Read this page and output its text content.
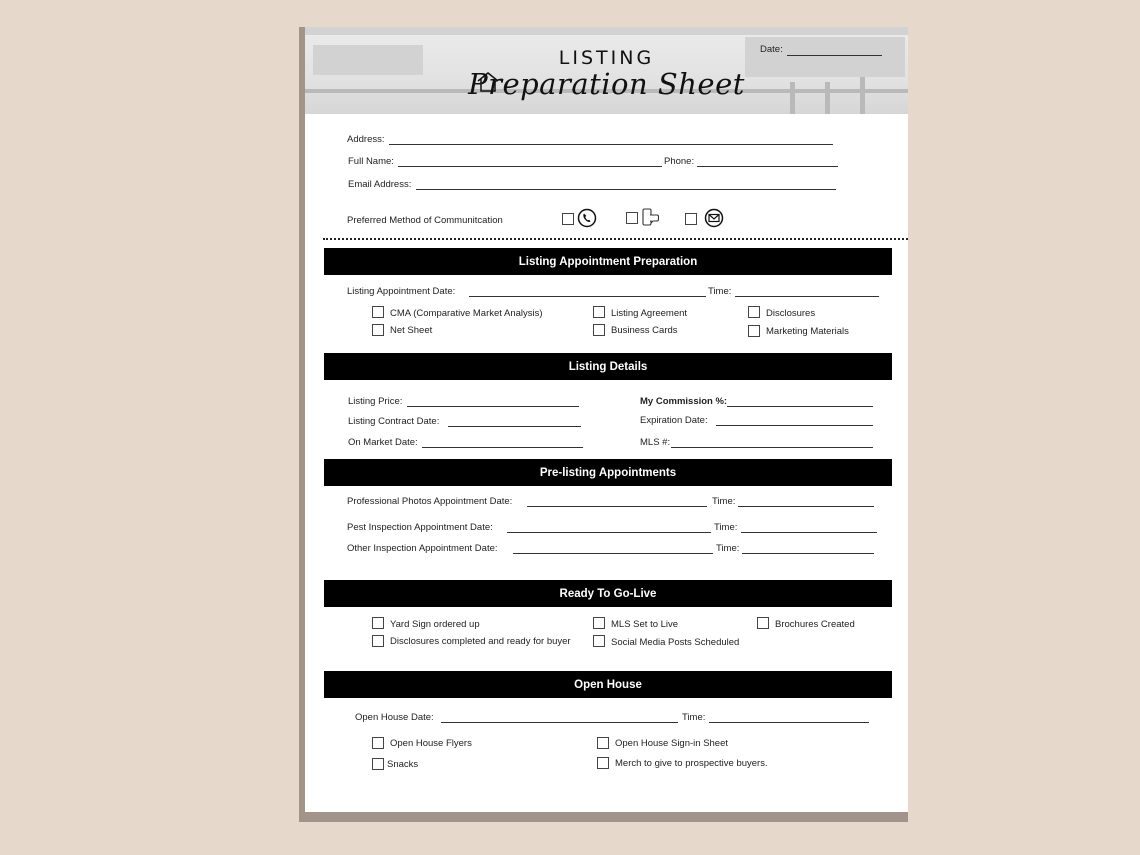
LISTING
Preparation Sheet
Date:
Address:
Full Name:	Phone:
Email Address:
Preferred Method of Communitcation
Listing Appointment Preparation
Listing Appointment Date:	Time:
CMA (Comparative Market Analysis)
Net Sheet
Listing Agreement
Business Cards
Disclosures
Marketing Materials
Listing Details
Listing Price:
Listing Contract Date:
On Market Date:
My Commission %:
Expiration Date:
MLS #:
Pre-listing Appointments
Professional Photos Appointment Date:	Time:
Pest Inspection Appointment Date:	Time:
Other Inspection Appointment Date:	Time:
Ready To Go-Live
Yard Sign ordered up
Disclosures completed and ready for buyer
MLS Set to Live
Social Media Posts Scheduled
Brochures Created
Open House
Open House Date:	Time:
Open House Flyers
Snacks
Open House Sign-in Sheet
Merch to give to prospective buyers.
